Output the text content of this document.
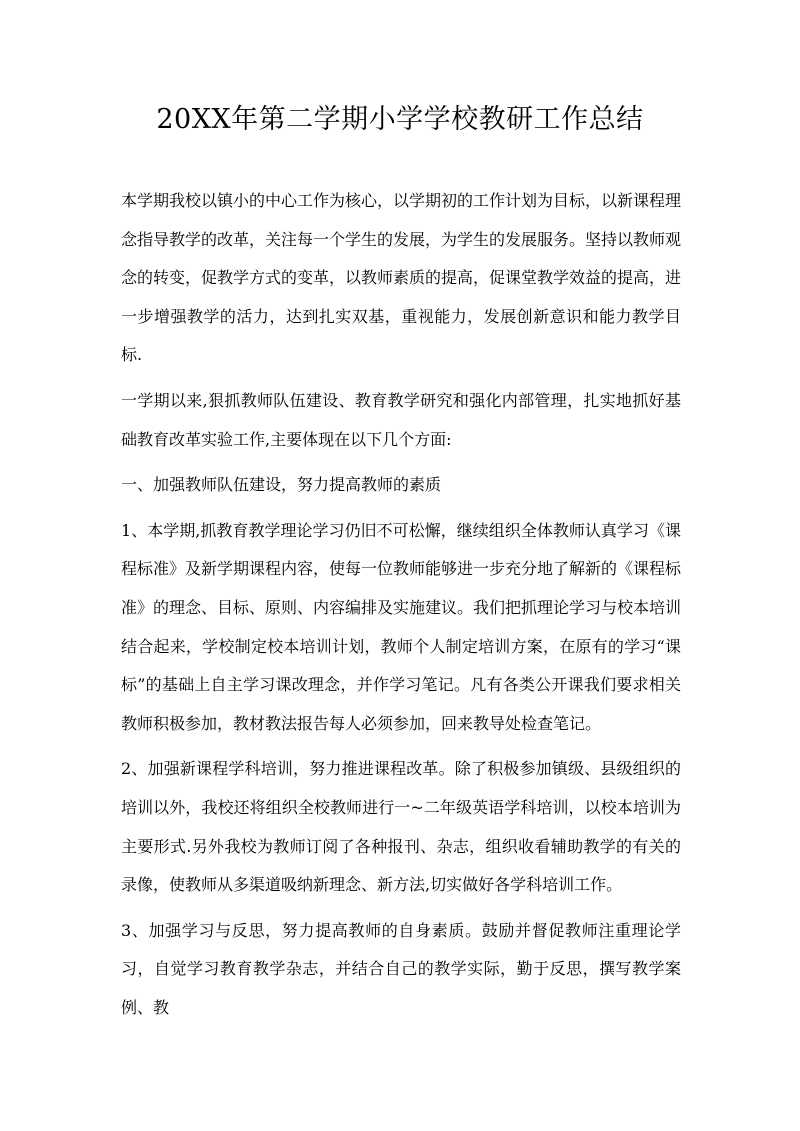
20XX年第二学期小学学校教研工作总结

本学期我校以镇小的中心工作为核心，以学期初的工作计划为目标，以新课程理念指导教学的改革，关注每一个学生的发展，为学生的发展服务。坚持以教师观念的转变，促教学方式的变革，以教师素质的提高，促课堂教学效益的提高，进一步增强教学的活力，达到扎实双基，重视能力，发展创新意识和能力教学目标.

一学期以来,狠抓教师队伍建设、教育教学研究和强化内部管理，扎实地抓好基础教育改革实验工作,主要体现在以下几个方面:

一、加强教师队伍建设，努力提高教师的素质

1、本学期,抓教育教学理论学习仍旧不可松懈，继续组织全体教师认真学习《课程标准》及新学期课程内容，使每一位教师能够进一步充分地了解新的《课程标准》的理念、目标、原则、内容编排及实施建议。我们把抓理论学习与校本培训结合起来，学校制定校本培训计划，教师个人制定培训方案，在原有的学习“课标”的基础上自主学习课改理念，并作学习笔记。凡有各类公开课我们要求相关教师积极参加，教材教法报告每人必须参加，回来教导处检查笔记。

2、加强新课程学科培训，努力推进课程改革。除了积极参加镇级、县级组织的培训以外，我校还将组织全校教师进行一~二年级英语学科培训，以校本培训为主要形式.另外我校为教师订阅了各种报刊、杂志，组织收看辅助教学的有关的录像，使教师从多渠道吸纳新理念、新方法,切实做好各学科培训工作。

3、加强学习与反思，努力提高教师的自身素质。鼓励并督促教师注重理论学习，自觉学习教育教学杂志，并结合自己的教学实际，勤于反思，撰写教学案例、教
